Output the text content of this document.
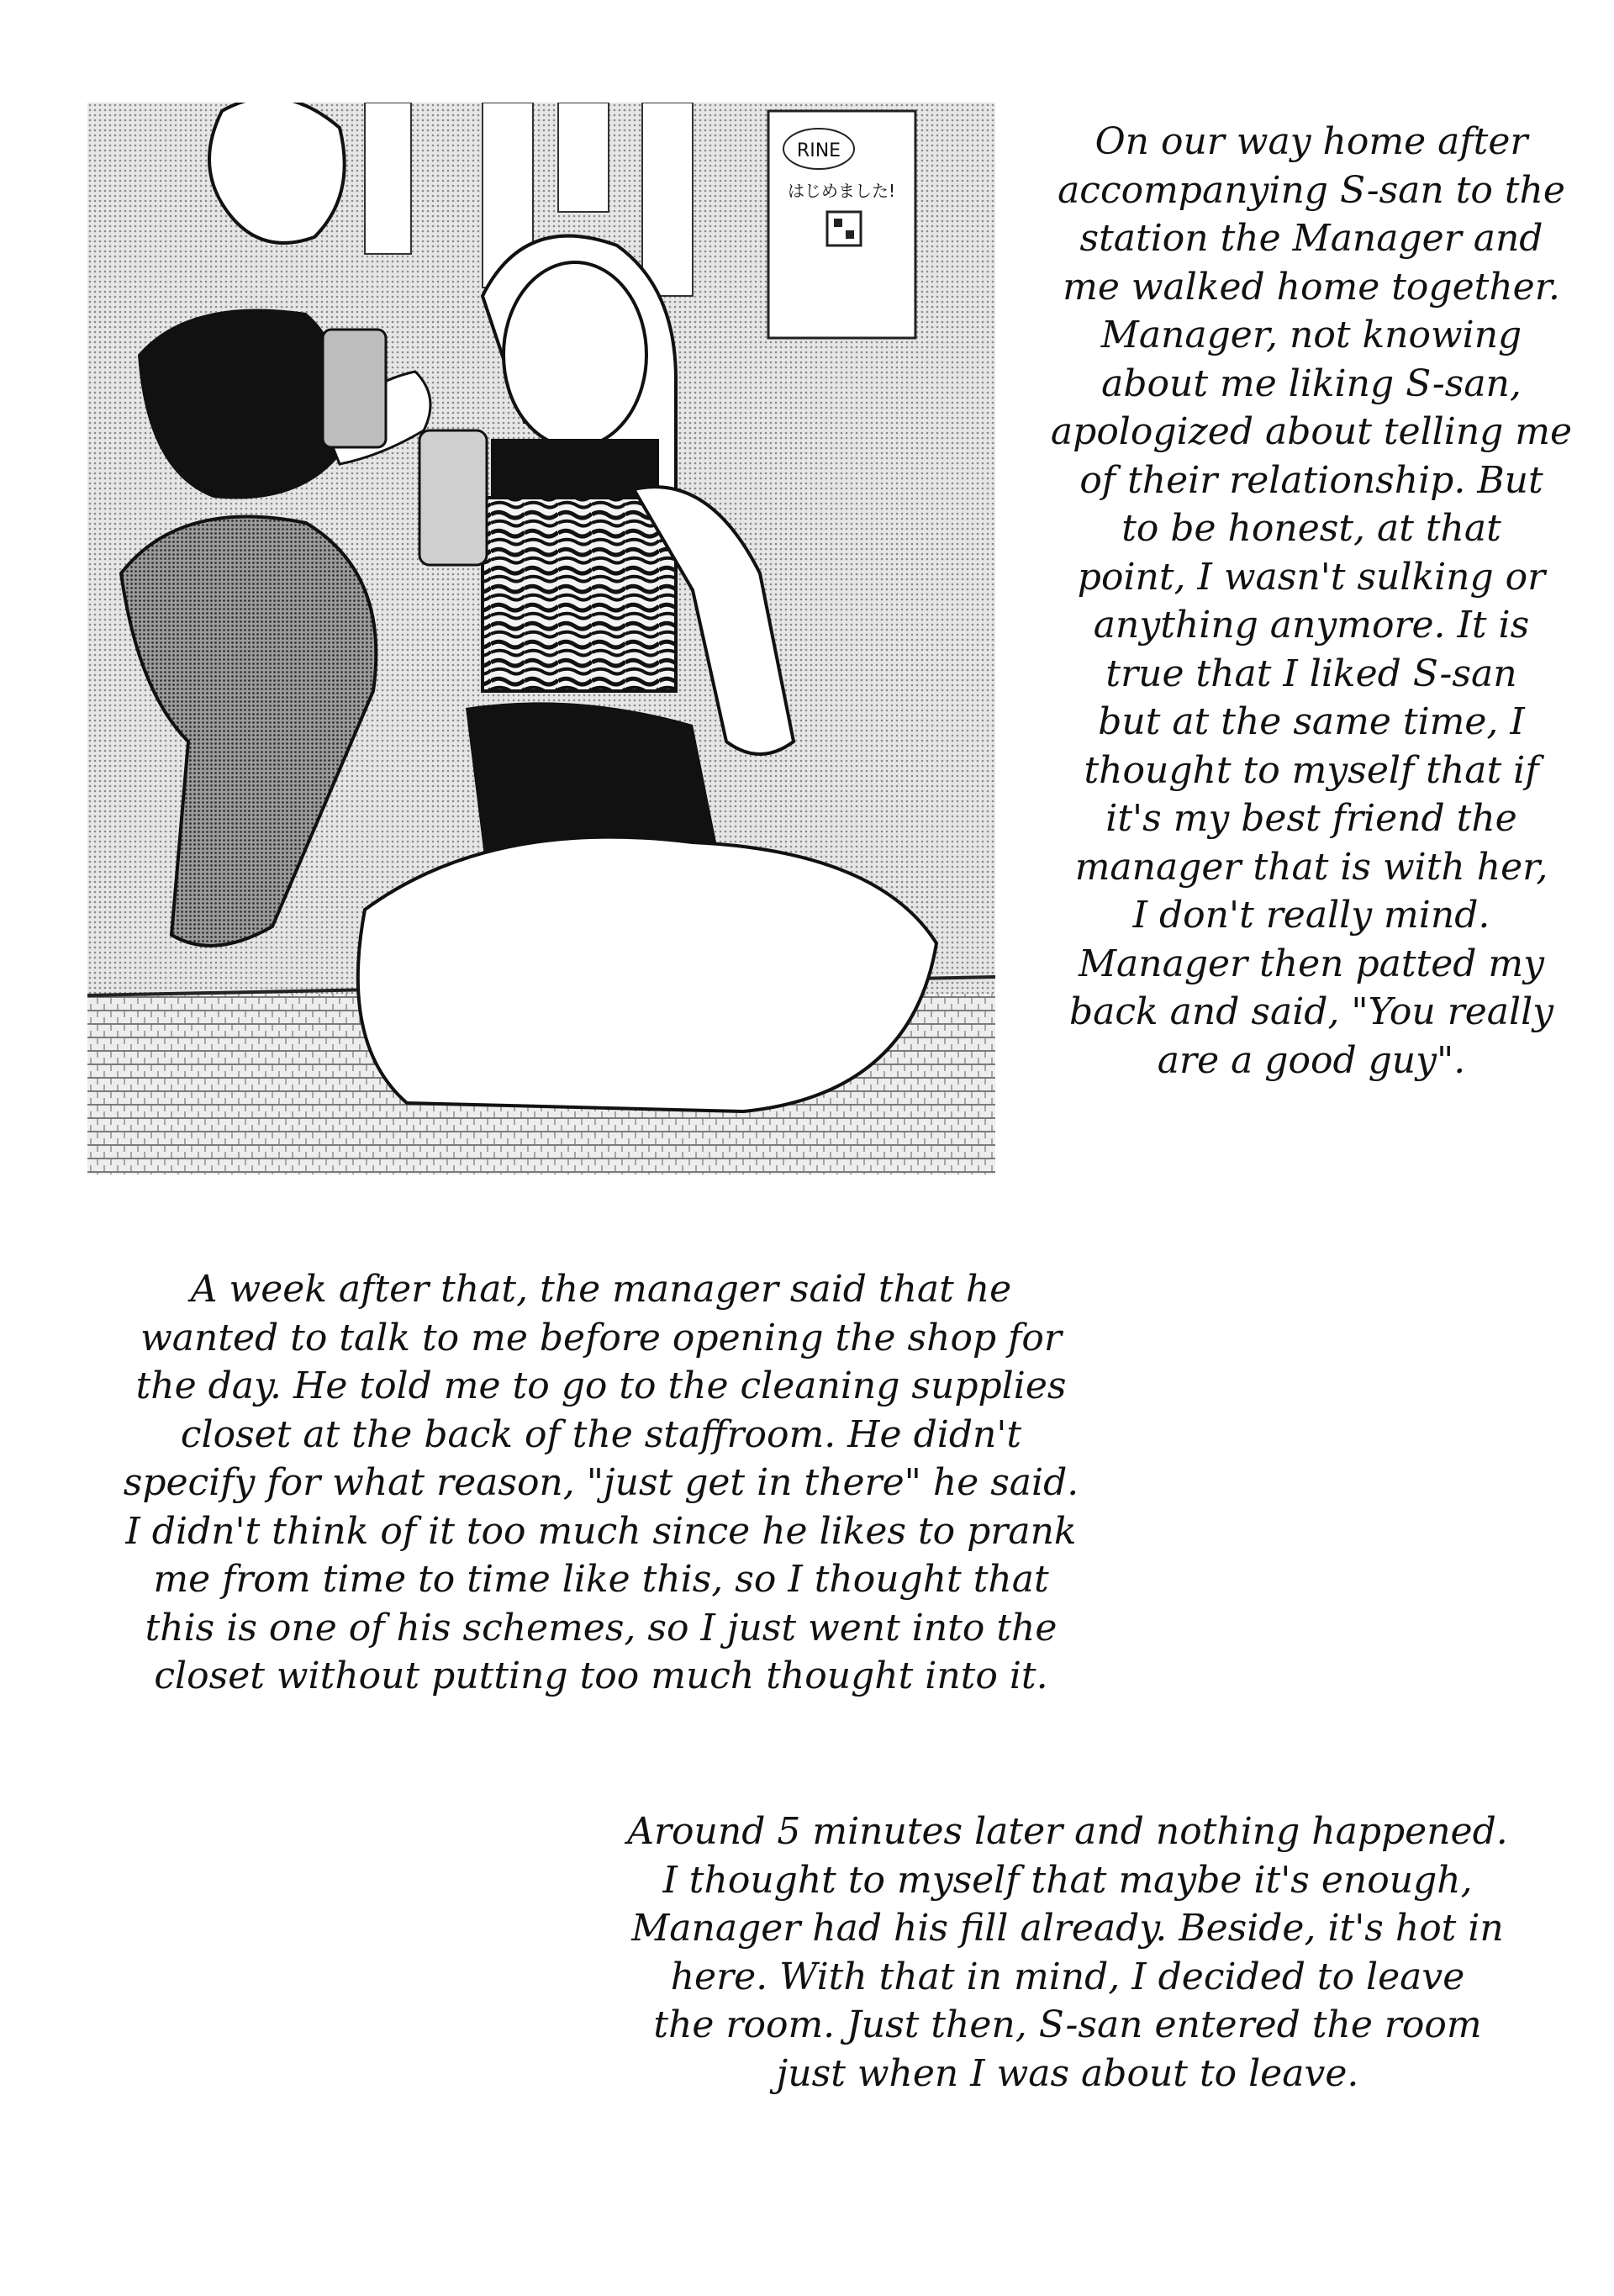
RINE
はじめました!
On our way home after
accompanying S-san to the
station the Manager and
me walked home together.
Manager, not knowing
about me liking S-san,
apologized about telling me
of their relationship. But
to be honest, at that
point, I wasn't sulking or
anything anymore. It is
true that I liked S-san
but at the same time, I
thought to myself that if
it's my best friend the
manager that is with her,
I don't really mind.
Manager then patted my
back and said, "You really
are a good guy".
A week after that, the manager said that he
wanted to talk to me before opening the shop for
the day. He told me to go to the cleaning supplies
closet at the back of the staffroom. He didn't
specify for what reason, "just get in there" he said.
I didn't think of it too much since he likes to prank
me from time to time like this, so I thought that
this is one of his schemes, so I just went into the
closet without putting too much thought into it.
Around 5 minutes later and nothing happened.
I thought to myself that maybe it's enough,
Manager had his fill already. Beside, it's hot in
here. With that in mind, I decided to leave
the room. Just then, S-san entered the room
just when I was about to leave.
